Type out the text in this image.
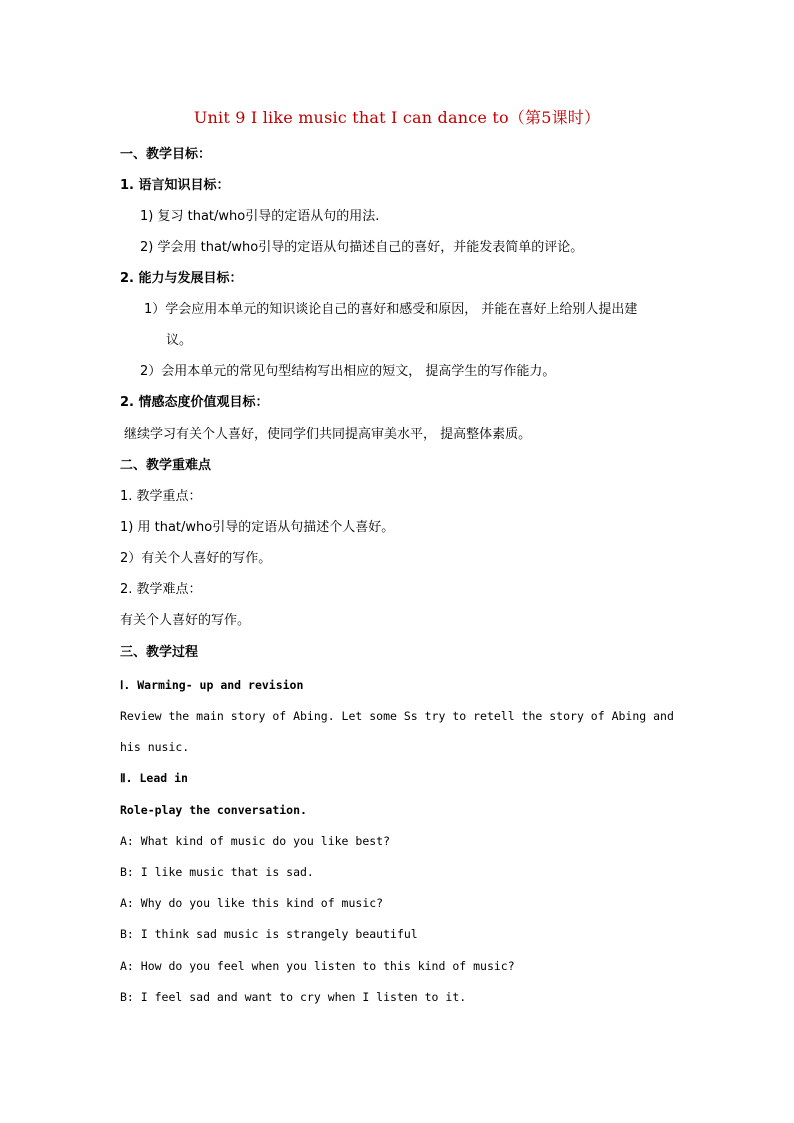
Unit 9 I like music that I can dance to（第5课时）
一、教学目标：
1. 语言知识目标：
1) 复习 that/who引导的定语从句的用法.
2) 学会用 that/who引导的定语从句描述自己的喜好，并能发表简单的评论。
2. 能力与发展目标：
1）学会应用本单元的知识谈论自己的喜好和感受和原因， 并能在喜好上给别人提出建
议。
2）会用本单元的常见句型结构写出相应的短文， 提高学生的写作能力。
2. 情感态度价值观目标：
继续学习有关个人喜好，使同学们共同提高审美水平， 提高整体素质。
二、教学重难点
1. 教学重点：
1) 用 that/who引导的定语从句描述个人喜好。
2）有关个人喜好的写作。
2. 教学难点：
有关个人喜好的写作。
三、教学过程
Ⅰ. Warming- up and revision
Review the main story of Abing. Let some Ss try to retell the story of Abing and
his nusic.
Ⅱ. Lead in
Role-play the conversation.
A: What kind of music do you like best?
B: I like music that is sad.
A: Why do you like this kind of music?
B: I think sad music is strangely beautiful
A: How do you feel when you listen to this kind of music?
B: I feel sad and want to cry when I listen to it.
